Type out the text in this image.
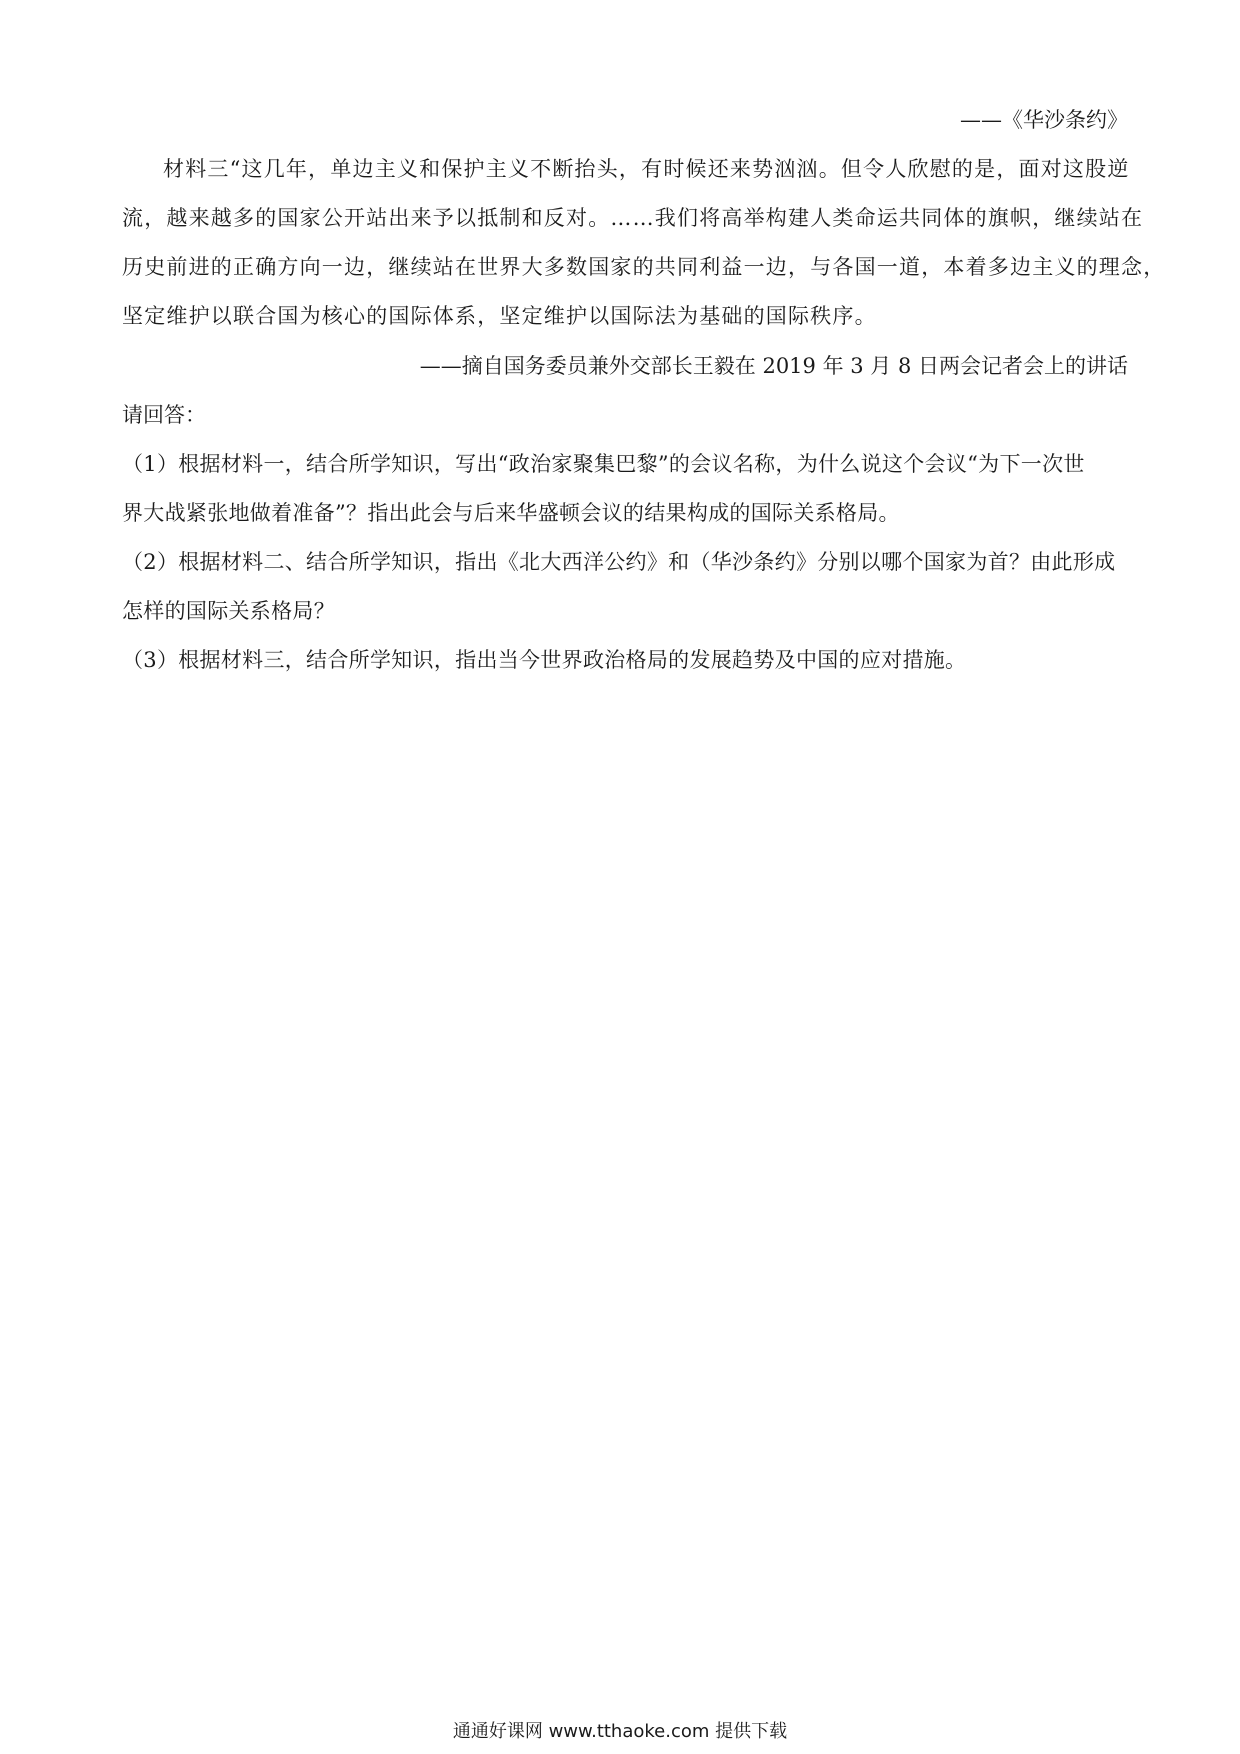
——《华沙条约》
材料三“这几年，单边主义和保护主义不断抬头，有时候还来势汹汹。但令人欣慰的是，面对这股逆
流，越来越多的国家公开站出来予以抵制和反对。……我们将高举构建人类命运共同体的旗帜，继续站在
历史前进的正确方向一边，继续站在世界大多数国家的共同利益一边，与各国一道，本着多边主义的理念，
坚定维护以联合国为核心的国际体系，坚定维护以国际法为基础的国际秩序。
——摘自国务委员兼外交部长王毅在 2019 年 3 月 8 日两会记者会上的讲话
请回答：
（1）根据材料一，结合所学知识，写出“政治家聚集巴黎”的会议名称，为什么说这个会议“为下一次世
界大战紧张地做着准备”？指出此会与后来华盛顿会议的结果构成的国际关系格局。
（2）根据材料二、结合所学知识，指出《北大西洋公约》和（华沙条约》分别以哪个国家为首？由此形成
怎样的国际关系格局？
（3）根据材料三，结合所学知识，指出当今世界政治格局的发展趋势及中国的应对措施。
通通好课网 www.tthaoke.com 提供下载
